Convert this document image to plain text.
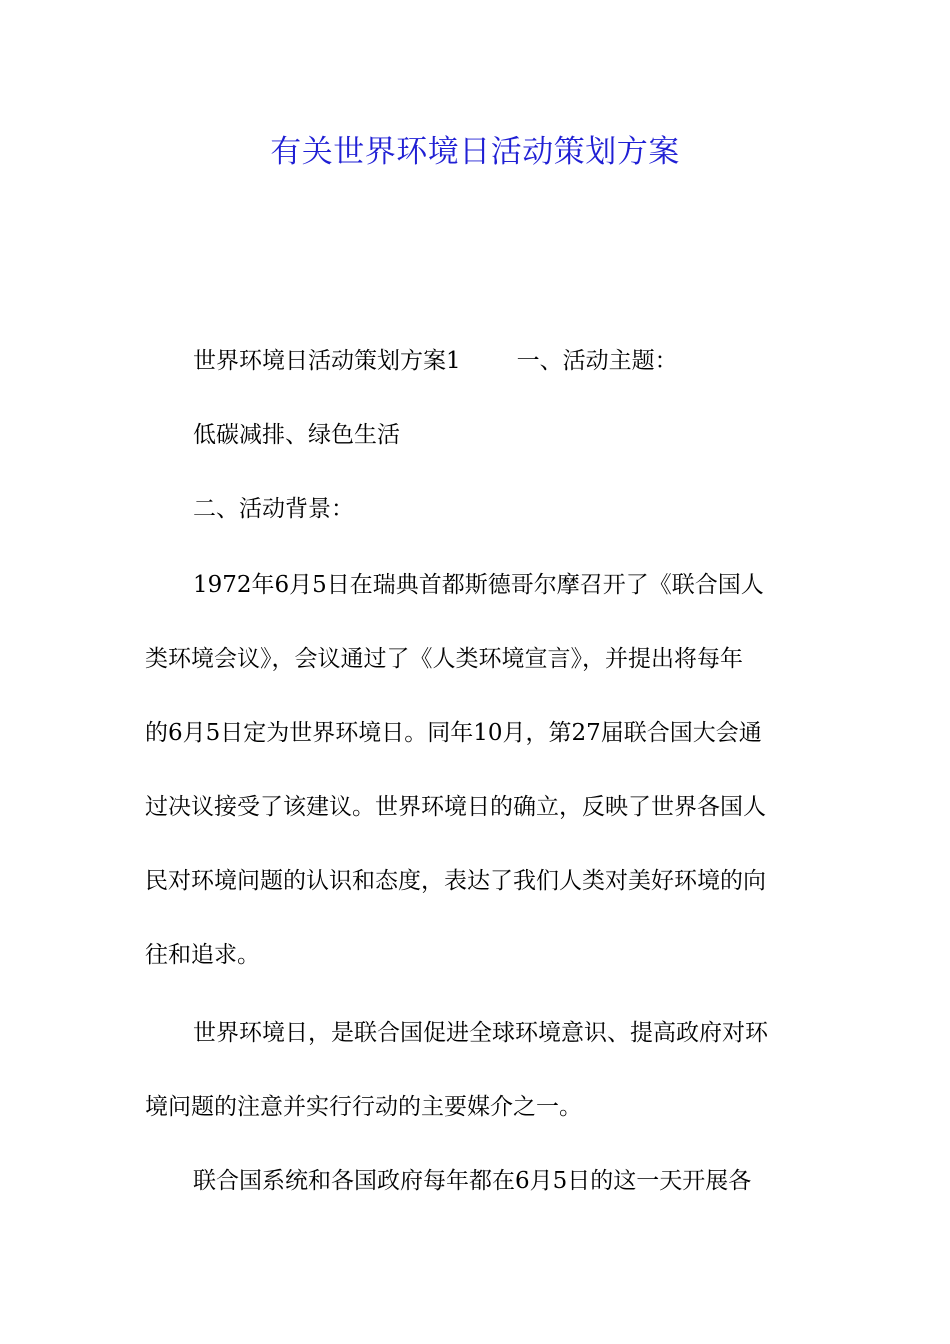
有关世界环境日活动策划方案
世界环境日活动策划方案1 一、活动主题：
低碳减排、绿色生活
二、活动背景：
1972年6月5日在瑞典首都斯德哥尔摩召开了《联合国人
类环境会议》，会议通过了《人类环境宣言》，并提出将每年
的6月5日定为世界环境日。同年10月，第27届联合国大会通
过决议接受了该建议。世界环境日的确立，反映了世界各国人
民对环境问题的认识和态度，表达了我们人类对美好环境的向
往和追求。
世界环境日，是联合国促进全球环境意识、提高政府对环
境问题的注意并实行行动的主要媒介之一。
联合国系统和各国政府每年都在6月5日的这一天开展各
